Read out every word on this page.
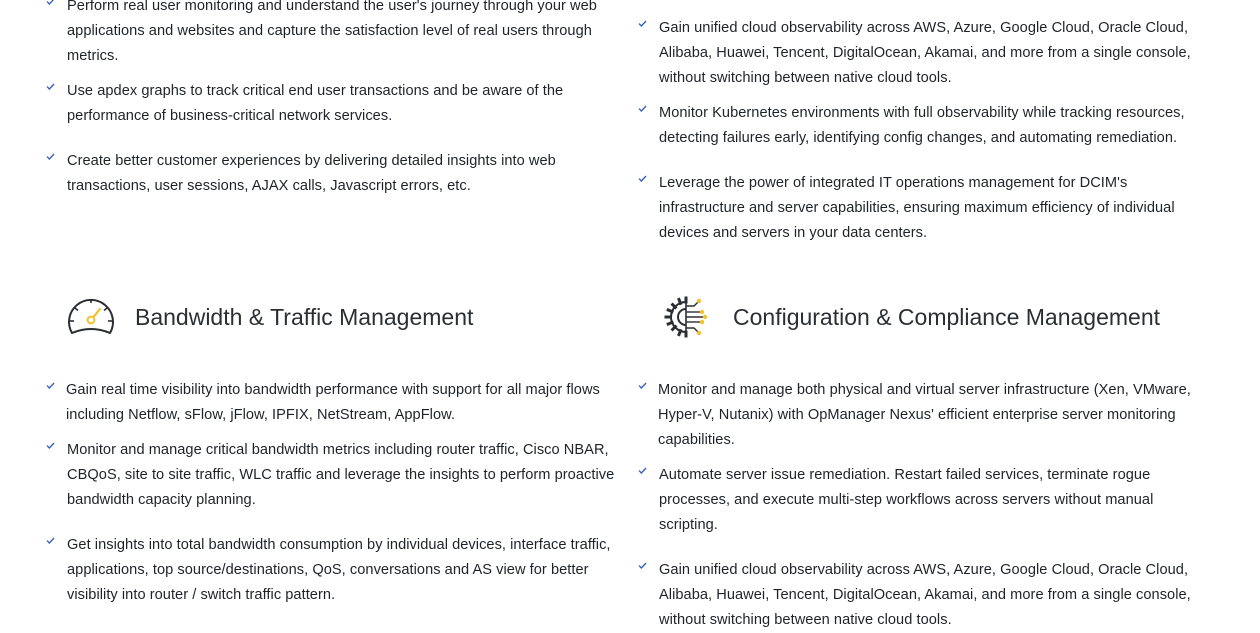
Perform real user monitoring and understand the user's journey through your web applications and websites and capture the satisfaction level of real users through metrics.
Use apdex graphs to track critical end user transactions and be aware of the performance of business-critical network services.
Create better customer experiences by delivering detailed insights into web transactions, user sessions, AJAX calls, Javascript errors, etc.
Gain unified cloud observability across AWS, Azure, Google Cloud, Oracle Cloud, Alibaba, Huawei, Tencent, DigitalOcean, Akamai, and more from a single console, without switching between native cloud tools.
Monitor Kubernetes environments with full observability while tracking resources, detecting failures early, identifying config changes, and automating remediation.
Leverage the power of integrated IT operations management for DCIM's infrastructure and server capabilities, ensuring maximum efficiency of individual devices and servers in your data centers.
Bandwidth & Traffic Management	Configuration & Compliance Management
Gain real time visibility into bandwidth performance with support for all major flows including Netflow, sFlow, jFlow, IPFIX, NetStream, AppFlow.
Monitor and manage critical bandwidth metrics including router traffic, Cisco NBAR, CBQoS, site to site traffic, WLC traffic and leverage the insights to perform proactive bandwidth capacity planning.
Get insights into total bandwidth consumption by individual devices, interface traffic, applications, top source/destinations, QoS, conversations and AS view for better visibility into router / switch traffic pattern.
Monitor and manage both physical and virtual server infrastructure (Xen, VMware, Hyper-V, Nutanix) with OpManager Nexus' efficient enterprise server monitoring capabilities.
Automate server issue remediation. Restart failed services, terminate rogue processes, and execute multi-step workflows across servers without manual scripting.
Gain unified cloud observability across AWS, Azure, Google Cloud, Oracle Cloud, Alibaba, Huawei, Tencent, DigitalOcean, Akamai, and more from a single console, without switching between native cloud tools.
